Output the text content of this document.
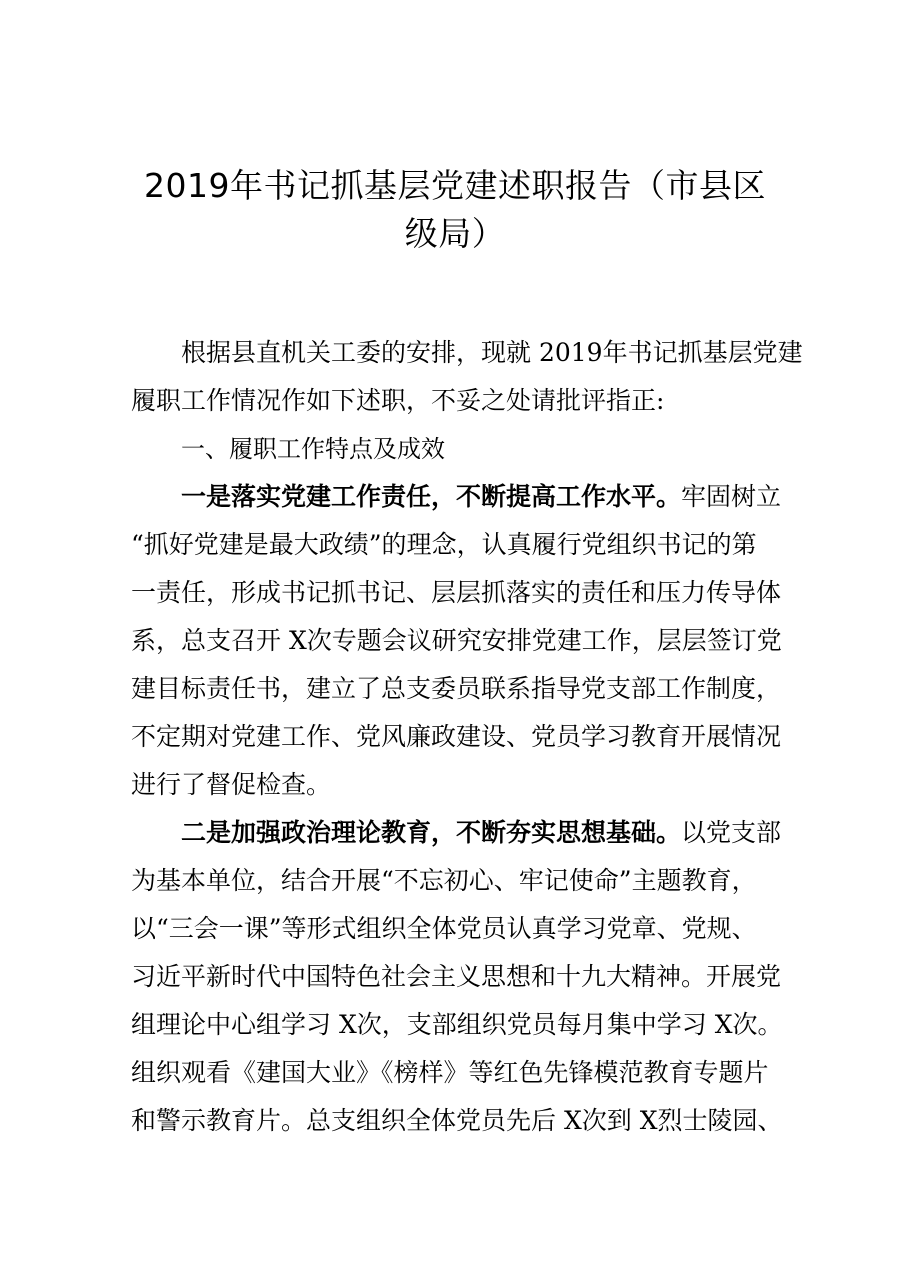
2019年书记抓基层党建述职报告（市县区
级局）
根据县直机关工委的安排，现就 2019年书记抓基层党建
履职工作情况作如下述职，不妥之处请批评指正:
一、履职工作特点及成效
一是落实党建工作责任，不断提高工作水平。牢固树立
“抓好党建是最大政绩”的理念，认真履行党组织书记的第
一责任，形成书记抓书记、层层抓落实的责任和压力传导体
系，总支召开 X次专题会议研究安排党建工作，层层签订党
建目标责任书，建立了总支委员联系指导党支部工作制度，
不定期对党建工作、党风廉政建设、党员学习教育开展情况
进行了督促检查。
二是加强政治理论教育，不断夯实思想基础。以党支部
为基本单位，结合开展“不忘初心、牢记使命”主题教育，
以“三会一课”等形式组织全体党员认真学习党章、党规、
习近平新时代中国特色社会主义思想和十九大精神。开展党
组理论中心组学习 X次，支部组织党员每月集中学习 X次。
组织观看《建国大业》《榜样》等红色先锋模范教育专题片
和警示教育片。总支组织全体党员先后 X次到 X烈士陵园、
